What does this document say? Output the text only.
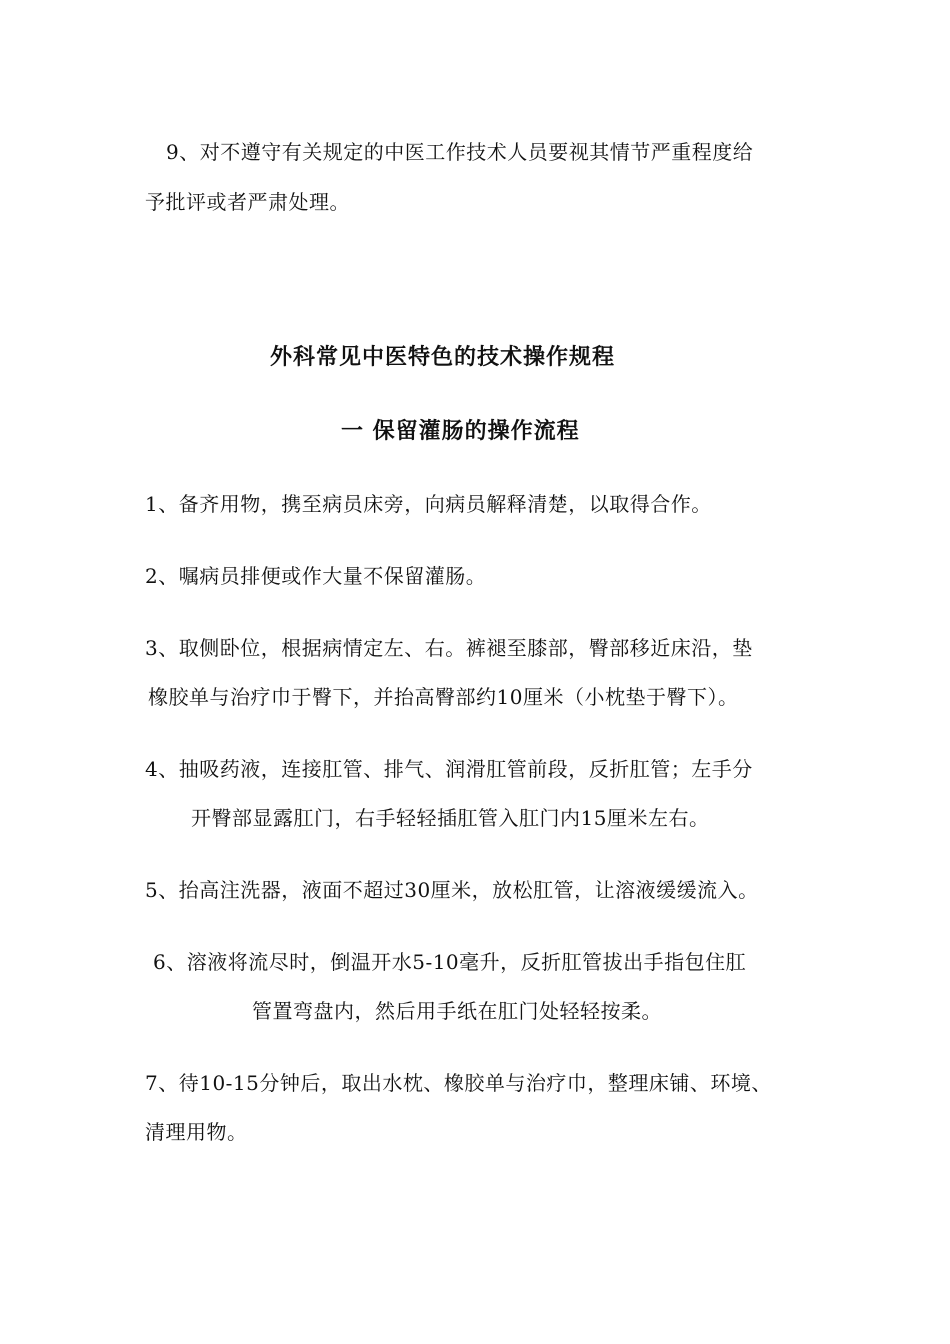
9、对不遵守有关规定的中医工作技术人员要视其情节严重程度给
予批评或者严肃处理。
外科常见中医特色的技术操作规程
一 保留灌肠的操作流程
1、备齐用物，携至病员床旁，向病员解释清楚，以取得合作。
2、嘱病员排便或作大量不保留灌肠。
3、取侧卧位，根据病情定左、右。裤褪至膝部，臀部移近床沿，垫
橡胶单与治疗巾于臀下，并抬高臀部约10厘米（小枕垫于臀下）。
4、抽吸药液，连接肛管、排气、润滑肛管前段，反折肛管；左手分
开臀部显露肛门，右手轻轻插肛管入肛门内15厘米左右。
5、抬高注洗器，液面不超过30厘米，放松肛管，让溶液缓缓流入。
6、溶液将流尽时，倒温开水5-10毫升，反折肛管拔出手指包住肛
管置弯盘内，然后用手纸在肛门处轻轻按柔。
7、待10-15分钟后，取出水枕、橡胶单与治疗巾，整理床铺、环境、
清理用物。
